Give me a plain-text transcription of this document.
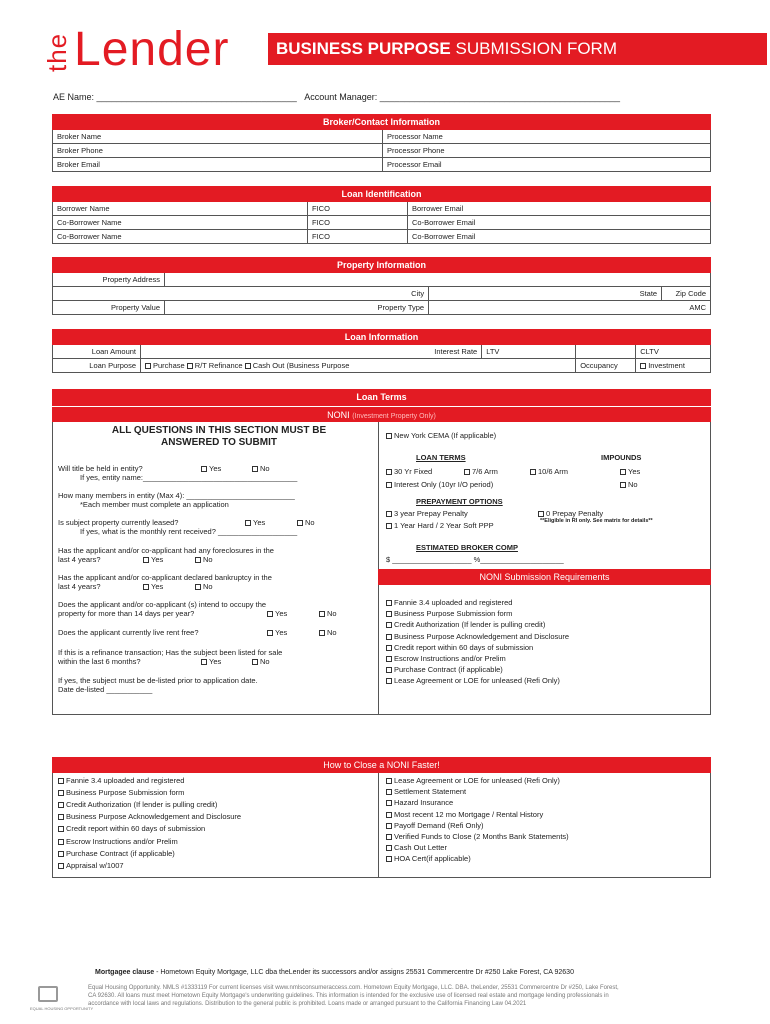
the Lender	BUSINESS PURPOSE SUBMISSION FORM
AE Name: ________________________________________ Account Manager: ________________________________________________
Broker/Contact Information	
Broker Name	Processor Name
Broker Phone	Processor Phone
Broker Email	Processor Email
Loan Identification		
Borrower Name	FICO	Borrower Email
Co-Borrower Name	FICO	Co-Borrower Email
Co-Borrower Name	FICO	Co-Borrower Email
Property Information			
Property Address			
City		State	Zip Code
Property Value	Property Type	AMC	
Loan Information				
Loan Amount	Interest Rate	LTV		CLTV
Loan Purpose	Purchase R/T Refinance Cash Out (Business Purpose		Occupancy	Investment
Loan Terms
NONI (Investment Property Only)
ALL QUESTIONS IN THIS SECTION MUST BE
ANSWERED TO SUBMIT
Will title be held in entity?	Yes	No
If yes, entity name:_____________________________________
How many members in entity (Max 4): __________________________
*Each member must complete an application
Is subject property currently leased?	Yes	No
If yes, what is the monthly rent received? ___________________
Has the applicant and/or co-applicant had any foreclosures in the
last 4 years?	Yes	No
Has the applicant and/or co-applicant declared bankruptcy in the
last 4 years?	Yes	No
Does the applicant and/or co-applicant (s) intend to occupy the
property for more than 14 days per year?	Yes	No
Does the applicant currently live rent free?	Yes	No
If this is a refinance transaction; Has the subject been listed for sale
within the last 6 months?	Yes	No
If yes, the subject must be de-listed prior to application date.
Date de-listed ___________
New York CEMA (If applicable)
LOAN TERMS	IMPOUNDS
30 Yr Fixed	7/6 Arm	10/6 Arm	Yes
Interest Only (10yr I/O period)	No
PREPAYMENT OPTIONS
3 year Prepay Penalty	0 Prepay Penalty
1 Year Hard / 2 Year Soft PPP	**Eligible in RI only. See matrix for details**
ESTIMATED BROKER COMP
$ ___________________ %____________________
NONI Submission Requirements
Fannie 3.4 uploaded and registered
Business Purpose Submission form
Credit Authorization (If lender is pulling credit)
Business Purpose Acknowledgement and Disclosure
Credit report within 60 days of submission
Escrow Instructions and/or Prelim
Purchase Contract (if applicable)
Lease Agreement or LOE for unleased (Refi Only)
How to Close a NONI Faster!
Fannie 3.4 uploaded and registered
Business Purpose Submission form
Credit Authorization (If lender is pulling credit)
Business Purpose Acknowledgement and Disclosure
Credit report within 60 days of submission
Escrow Instructions and/or Prelim
Purchase Contract (if applicable)
Appraisal w/1007
Lease Agreement or LOE for unleased (Refi Only)
Settlement Statement
Hazard Insurance
Most recent 12 mo Mortgage / Rental History
Payoff Demand (Refi Only)
Verified Funds to Close (2 Months Bank Statements)
Cash Out Letter
HOA Cert(if applicable)
Mortgagee clause - Hometown Equity Mortgage, LLC dba theLender its successors and/or assigns 25531 Commercentre Dr #250 Lake Forest, CA 92630
EQUAL HOUSING OPPORTUNITY
Equal Housing Opportunity. NMLS #1333119 For current licenses visit www.nmlsconsumeraccess.com. Hometown Equity Mortgage, LLC. DBA. theLender, 25531 Commercentre Dr #250, Lake Forest,
CA 92630. All loans must meet Hometown Equity Mortgage's underwriting guidelines. This information is intended for the exclusive use of licensed real estate and mortgage lending professionals in
accordance with local laws and regulations. Distribution to the general public is prohibited. Loans made or arranged pursuant to the California Financing Law 04.2021
